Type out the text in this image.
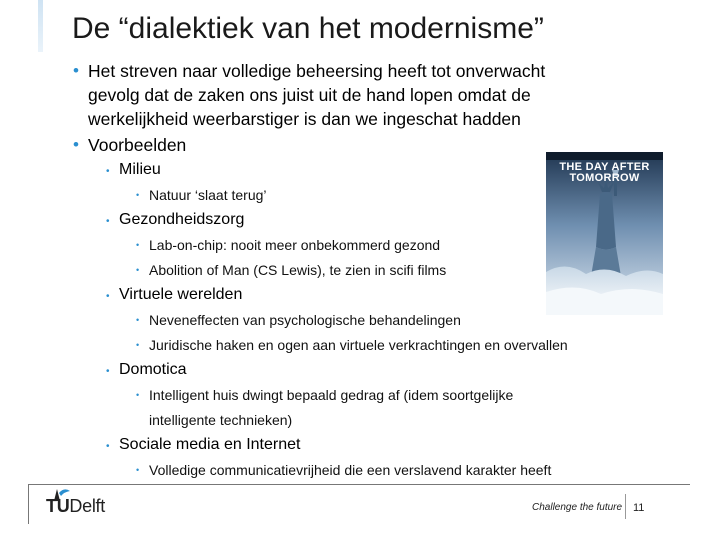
De “dialektiek van het modernisme”
• Het streven naar volledige beheersing heeft tot onverwacht
gevolg dat de zaken ons juist uit de hand lopen omdat de
werkelijkheid weerbarstiger is dan we ingeschat hadden
• Voorbeelden
• Milieu
• Natuur ‘slaat terug’
• Gezondheidszorg
• Lab-on-chip: nooit meer onbekommerd gezond
• Abolition of Man (CS Lewis), te zien in scifi films
• Virtuele werelden
• Neveneffecten van psychologische behandelingen
• Juridische haken en ogen aan virtuele verkrachtingen en overvallen
• Domotica
• Intelligent huis dwingt bepaald gedrag af (idem soortgelijke
intelligente technieken)
• Sociale media en Internet
• Volledige communicatievrijheid die een verslavend karakter heeft
THE DAY AFTER
TOMORROW
TUDelft	Challenge the future 11
